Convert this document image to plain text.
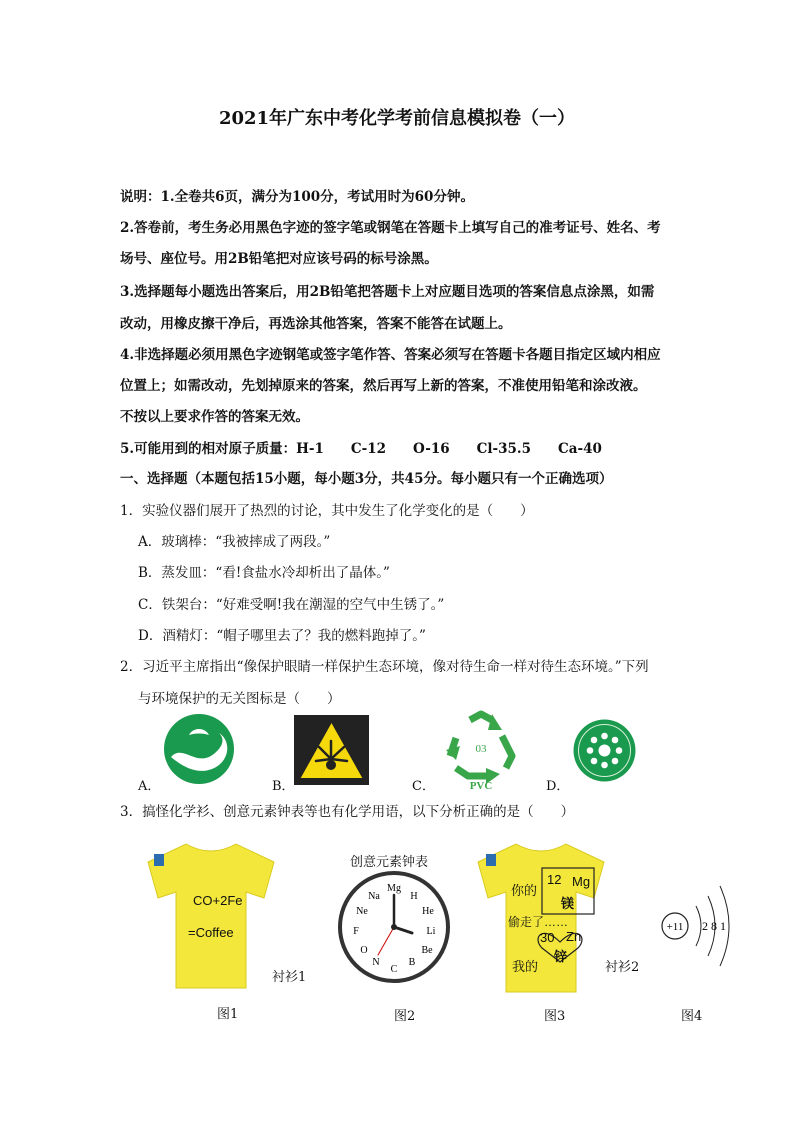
2021年广东中考化学考前信息模拟卷（一）
说明：1.全卷共6页，满分为100分，考试用时为60分钟。
2.答卷前，考生务必用黑色字迹的签字笔或钢笔在答题卡上填写自己的准考证号、姓名、考
场号、座位号。用2B铅笔把对应该号码的标号涂黑。
3.选择题每小题选出答案后，用2B铅笔把答题卡上对应题目选项的答案信息点涂黑，如需
改动，用橡皮擦干净后，再选涂其他答案，答案不能答在试题上。
4.非选择题必须用黑色字迹钢笔或签字笔作答、答案必须写在答题卡各题目指定区域内相应
位置上；如需改动，先划掉原来的答案，然后再写上新的答案，不准使用铅笔和涂改液。
不按以上要求作答的答案无效。
5.可能用到的相对原子质量：H-1　　C-12　　O-16　　Cl-35.5　　Ca-40
一、选择题（本题包括15小题，每小题3分，共45分。每小题只有一个正确选项）
1．实验仪器们展开了热烈的讨论，其中发生了化学变化的是（　　）
A．玻璃棒：“我被摔成了两段。”
B．蒸发皿：“看!食盐水冷却析出了晶体。”
C．铁架台：“好难受啊!我在潮湿的空气中生锈了。”
D．酒精灯：“帽子哪里去了？我的燃料跑掉了。”
2．习近平主席指出“像保护眼睛一样保护生态环境，像对待生命一样对待生态环境。”下列
与环境保护的无关图标是（　　）
A．	B．
03
PVC
C．	D．
3．搞怪化学衫、创意元素钟表等也有化学用语，以下分析正确的是（　　）
CO+2Fe
=Coffee
衬衫1
图1
创意元素钟表
Mg
Na
Ne
F
O
N
C
B
Be
Li
He
H
图2
你的
12 Mg
镁
偷走了……
30 Zn
锌
我的	衬衫2
图3
+11 2 8 1
图4
